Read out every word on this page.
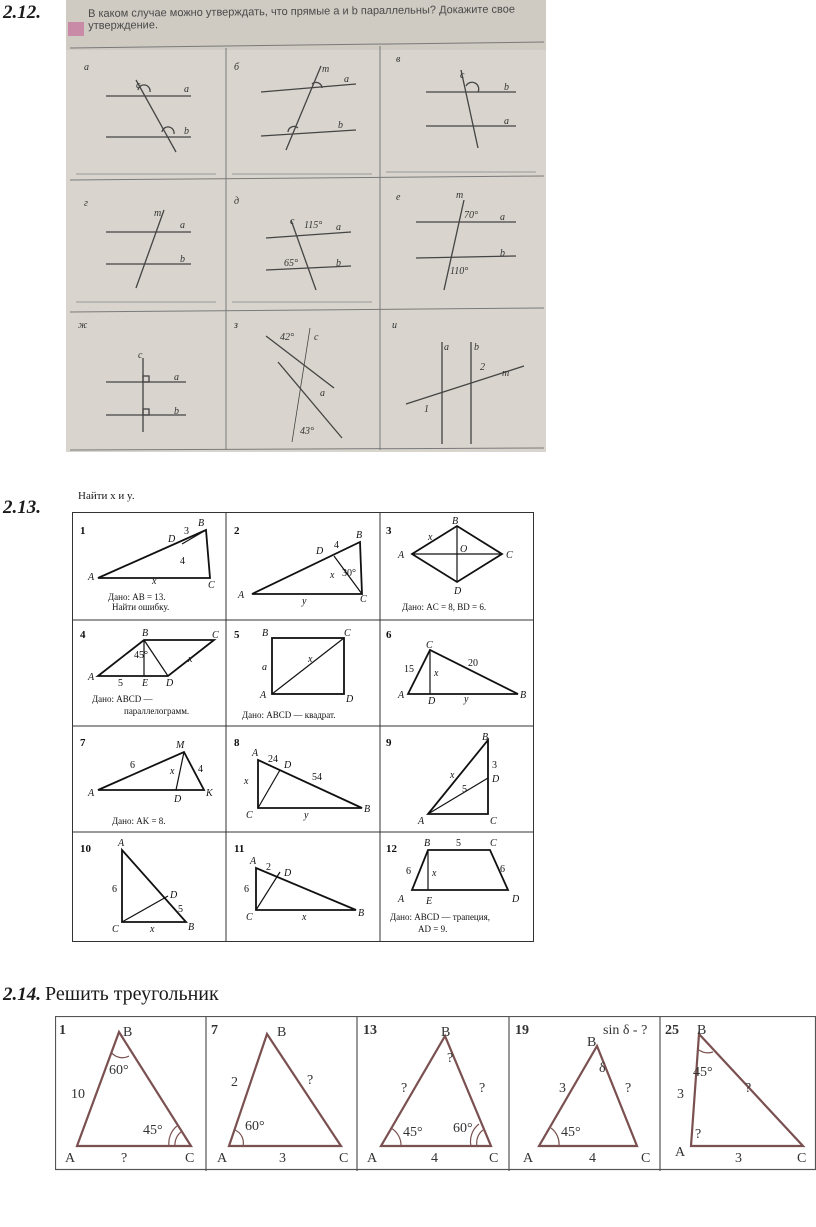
2.12.
2.13.
2.14. Решить треугольник
В каком случае можно утверждать, что прямые a и b параллельны? Докажите свое утверждение.
а
c	a
b
б	m
a
b
в
c
b
a
г
m
a
b
д
c 115° a
65°	b
е	m
70° a
b
110°
ж
c
a
b
з
42° c
a
43°
и
a	b
2
m
1
Найти x и y.
1
B
3
D
4
A	x	C
Дано: AB = 13.
Найти ошибку.
2	B
4
D
x 30°
A
y	C
3
B
x
O
A	C
D
Дано: AC = 8, BD = 6.
4	B	C
45°	x
A
5 E D
Дано: ABCD —
параллелограмм.
5 B	C
a
x
A	D
Дано: ABCD — квадрат.
6
C
15
20
x
A
D	y	B
7	M
6
x 4
A
D
K
Дано: AK = 8.
8
A
24
D
54
x
C	y
B
9	B
3
D
x
5
A	C
10	A
6
D
5
C	x	B
11
A
2
D
6
C	x	B
12	B	5	C
6	6
x
A E	D
Дано: ABCD — трапеция,
AD = 9.
1	B
60°
10
45°
A	?	C
7	B
2	?
60°
A	3	C
13	B
?
?	?
45° 60°
A	4	C
19	sin δ - ?
B
δ
3	?
45°
A	4	C
25 B
45°
3	?
?
A	3	C
